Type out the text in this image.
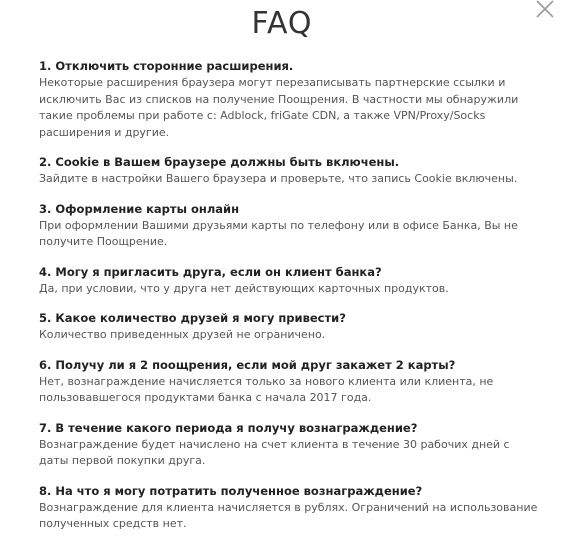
FAQ
1. Отключить сторонние расширения.

Некоторые расширения браузера могут перезаписывать партнерские ссылки и исключить Вас из списков на получение Поощрения. В частности мы обнаружили такие проблемы при работе с: Adblock, friGate CDN, а также VPN/Proxy/Socks расширения и другие.

2. Cookie в Вашем браузере должны быть включены.

Зайдите в настройки Вашего браузера и проверьте, что запись Cookie включены.

3. Оформление карты онлайн

При оформлении Вашими друзьями карты по телефону или в офисе Банка, Вы не получите Поощрение.

4. Могу я пригласить друга, если он клиент банка?

Да, при условии, что у друга нет действующих карточных продуктов.

5. Какое количество друзей я могу привести?

Количество приведенных друзей не ограничено.

6. Получу ли я 2 поощрения, если мой друг закажет 2 карты?

Нет, вознаграждение начисляется только за нового клиента или клиента, не пользовавшегося продуктами банка с начала 2017 года.

7. В течение какого периода я получу вознаграждение?

Вознаграждение будет начислено на счет клиента в течение 30 рабочих дней с даты первой покупки друга.

8. На что я могу потратить полученное вознаграждение?

Вознаграждение для клиента начисляется в рублях. Ограничений на использование полученных средств нет.
